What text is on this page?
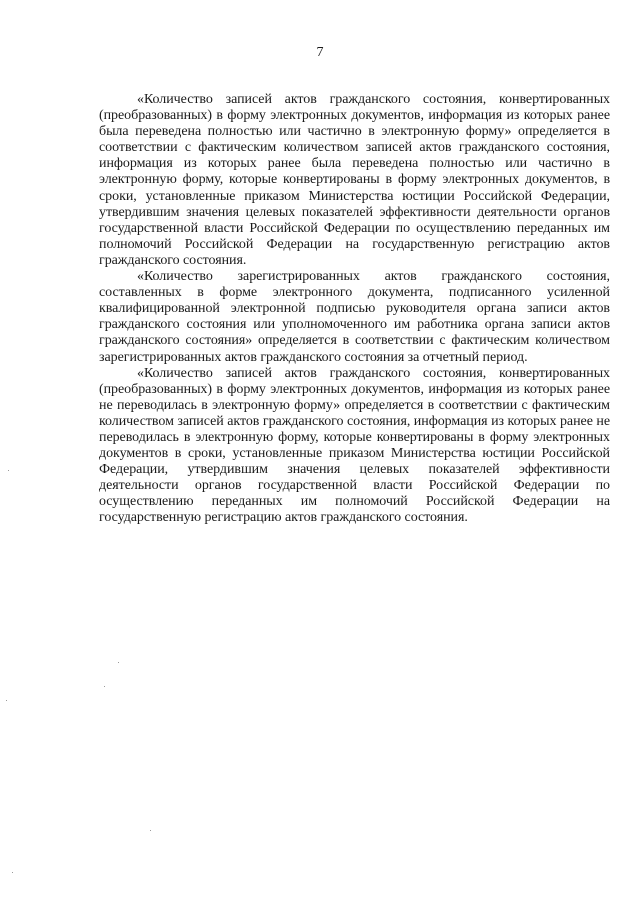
7

«Количество записей актов гражданского состояния, конвертированных (преобразованных) в форму электронных документов, информация из которых ранее была переведена полностью или частично в электронную форму» определяется в соответствии с фактическим количеством записей актов гражданского состояния, информация из которых ранее была переведена полностью или частично в электронную форму, которые конвертированы в форму электронных документов, в сроки, установленные приказом Министерства юстиции Российской Федерации, утвердившим значения целевых показателей эффективности деятельности органов государственной власти Российской Федерации по осуществлению переданных им полномочий Российской Федерации на государственную регистрацию актов гражданского состояния.

«Количество зарегистрированных актов гражданского состояния, составленных в форме электронного документа, подписанного усиленной квалифицированной электронной подписью руководителя органа записи актов гражданского состояния или уполномоченного им работника органа записи актов гражданского состояния» определяется в соответствии с фактическим количеством зарегистрированных актов гражданского состояния за отчетный период.

«Количество записей актов гражданского состояния, конвертированных (преобразованных) в форму электронных документов, информация из которых ранее не переводилась в электронную форму» определяется в соответствии с фактическим количеством записей актов гражданского состояния, информация из которых ранее не переводилась в электронную форму, которые конвертированы в форму электронных документов в сроки, установленные приказом Министерства юстиции Российской Федерации, утвердившим значения целевых показателей эффективности деятельности органов государственной власти Российской Федерации по осуществлению переданных им полномочий Российской Федерации на государственную регистрацию актов гражданского состояния.
